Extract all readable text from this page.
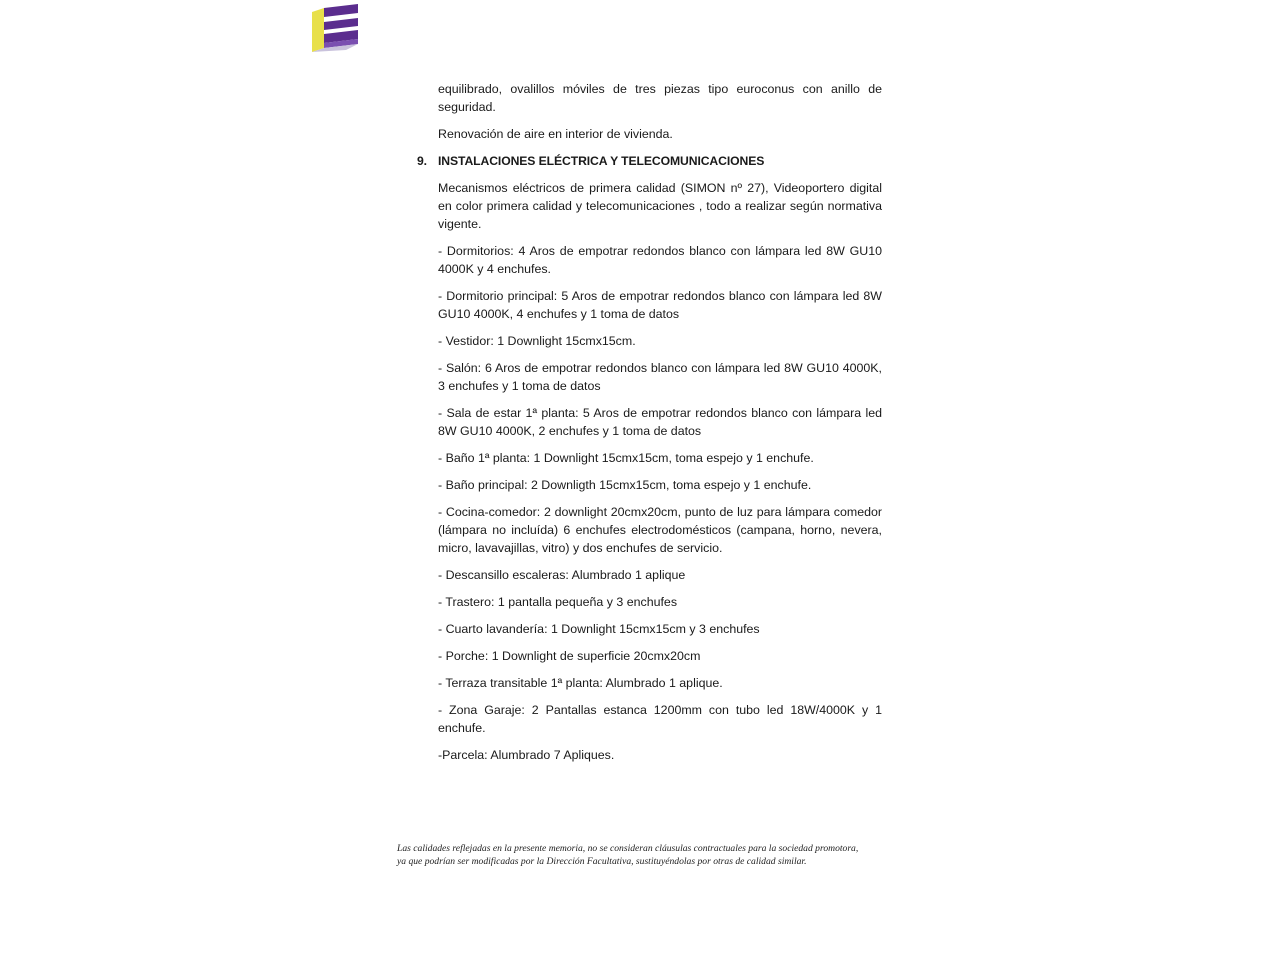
equilibrado, ovalillos móviles de tres piezas tipo euroconus con anillo de seguridad.

Renovación de aire en interior de vivienda.

9. INSTALACIONES ELÉCTRICA Y TELECOMUNICACIONES

Mecanismos eléctricos de primera calidad (SIMON nº 27), Videoportero digital en color primera calidad y telecomunicaciones , todo a realizar según normativa vigente.

- Dormitorios: 4 Aros de empotrar redondos blanco con lámpara led 8W GU10 4000K y 4 enchufes.

- Dormitorio principal: 5 Aros de empotrar redondos blanco con lámpara led 8W GU10 4000K, 4 enchufes y 1 toma de datos

- Vestidor: 1 Downlight 15cmx15cm.

- Salón: 6 Aros de empotrar redondos blanco con lámpara led 8W GU10 4000K, 3 enchufes y 1 toma de datos

- Sala de estar 1ª planta: 5 Aros de empotrar redondos blanco con lámpara led 8W GU10 4000K, 2 enchufes y 1 toma de datos

- Baño 1ª planta: 1 Downlight 15cmx15cm, toma espejo y 1 enchufe.

- Baño principal: 2 Downligth 15cmx15cm, toma espejo y 1 enchufe.

- Cocina-comedor: 2 downlight 20cmx20cm, punto de luz para lámpara comedor (lámpara no incluída) 6 enchufes electrodomésticos (campana, horno, nevera, micro, lavavajillas, vitro) y dos enchufes de servicio.

- Descansillo escaleras: Alumbrado 1 aplique

- Trastero: 1 pantalla pequeña y 3 enchufes

- Cuarto lavandería: 1 Downlight 15cmx15cm y 3 enchufes

- Porche: 1 Downlight de superficie 20cmx20cm

- Terraza transitable 1ª planta: Alumbrado 1 aplique.

- Zona Garaje: 2 Pantallas estanca 1200mm con tubo led 18W/4000K y 1 enchufe.

-Parcela: Alumbrado 7 Apliques.

Las calidades reflejadas en la presente memoria, no se consideran cláusulas contractuales para la sociedad promotora, ya que podrían ser modificadas por la Dirección Facultativa, sustituyéndolas por otras de calidad similar.
